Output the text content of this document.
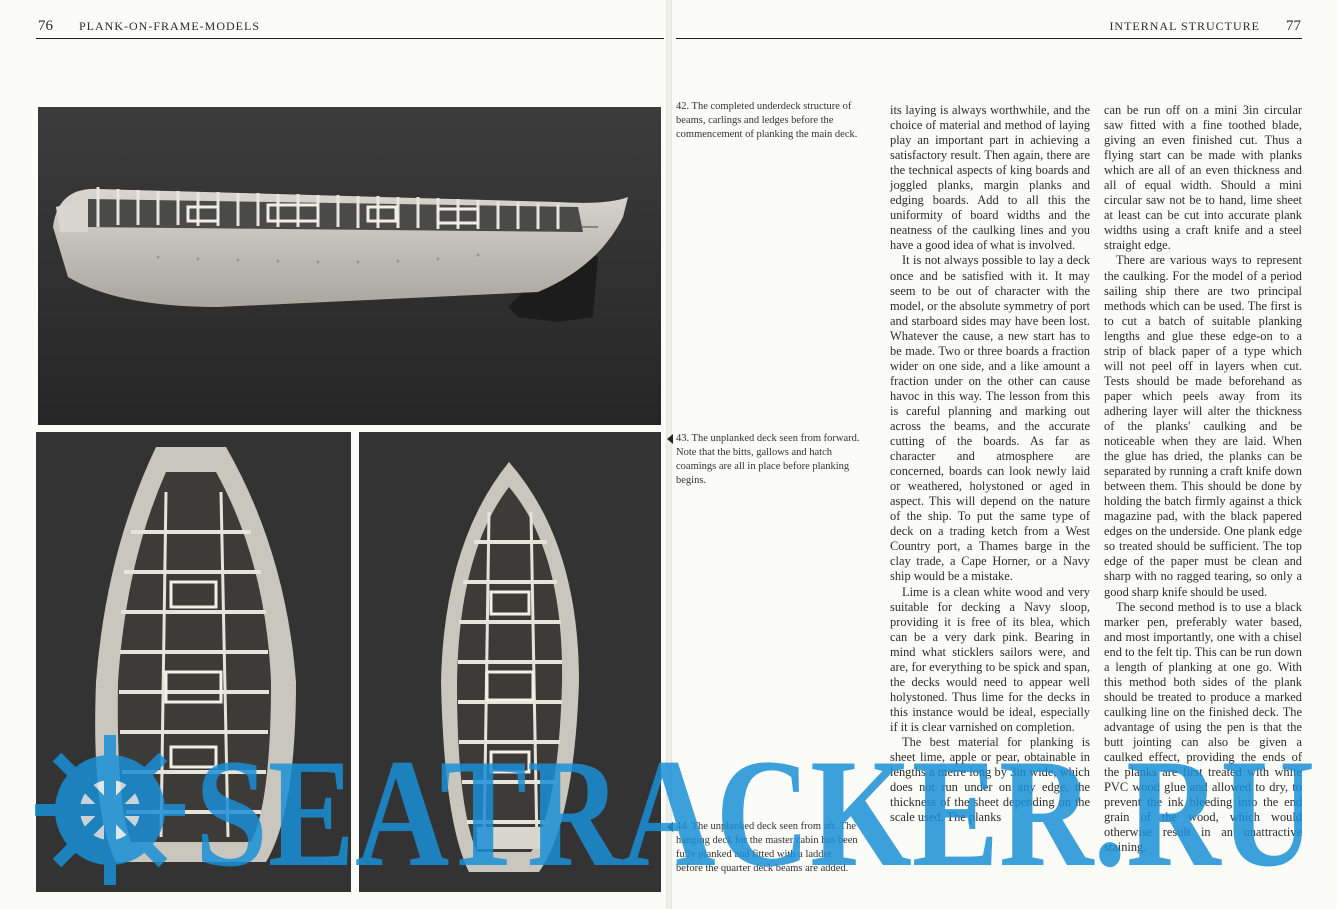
76 PLANK-ON-FRAME-MODELS	INTERNAL STRUCTURE 77
42. The completed underdeck structure of beams, carlings and ledges before the commencement of planking the main deck.
43. The unplanked deck seen from forward. Note that the bitts, gallows and hatch coamings are all in place before planking begins.
44. The unplanked deck seen from aft. The hanging deck for the master cabin has been fully planked and fitted with a ladder before the quarter deck beams are added.

its laying is always worthwhile, and the choice of material and method of laying play an important part in achieving a satisfactory result. Then again, there are the technical aspects of king boards and joggled planks, margin planks and edging boards. Add to all this the uniformity of board widths and the neatness of the caulking lines and you have a good idea of what is involved.

It is not always possible to lay a deck once and be satisfied with it. It may seem to be out of character with the model, or the absolute symmetry of port and starboard sides may have been lost. Whatever the cause, a new start has to be made. Two or three boards a fraction wider on one side, and a like amount a fraction under on the other can cause havoc in this way. The lesson from this is careful planning and marking out across the beams, and the accurate cutting of the boards. As far as character and atmosphere are concerned, boards can look newly laid or weathered, holystoned or aged in aspect. This will depend on the nature of the ship. To put the same type of deck on a trading ketch from a West Country port, a Thames barge in the clay trade, a Cape Horner, or a Navy ship would be a mistake.

Lime is a clean white wood and very suitable for decking a Navy sloop, providing it is free of its blea, which can be a very dark pink. Bearing in mind what sticklers sailors were, and are, for everything to be spick and span, the decks would need to appear well holystoned. Thus lime for the decks in this instance would be ideal, especially if it is clear varnished on completion.

The best material for planking is sheet lime, apple or pear, obtainable in lengths a metre long by 3in wide, which does not run under on any edge, the thickness of the sheet depending on the scale used. The planks

can be run off on a mini 3in circular saw fitted with a fine toothed blade, giving an even finished cut. Thus a flying start can be made with planks which are all of an even thickness and all of equal width. Should a mini circular saw not be to hand, lime sheet at least can be cut into accurate plank widths using a craft knife and a steel straight edge.

There are various ways to represent the caulking. For the model of a period sailing ship there are two principal methods which can be used. The first is to cut a batch of suitable planking lengths and glue these edge-on to a strip of black paper of a type which will not peel off in layers when cut. Tests should be made beforehand as paper which peels away from its adhering layer will alter the thickness of the planks' caulking and be noticeable when they are laid. When the glue has dried, the planks can be separated by running a craft knife down between them. This should be done by holding the batch firmly against a thick magazine pad, with the black papered edges on the underside. One plank edge so treated should be sufficient. The top edge of the paper must be clean and sharp with no ragged tearing, so only a good sharp knife should be used.

The second method is to use a black marker pen, preferably water based, and most importantly, one with a chisel end to the felt tip. This can be run down a length of planking at one go. With this method both sides of the plank should be treated to produce a marked caulking line on the finished deck. The advantage of using the pen is that the butt jointing can also be given a caulked effect, providing the ends of the planks are first treated with white PVC wood glue and allowed to dry, to prevent the ink bleeding into the end grain of the wood, which would otherwise result in an unattractive staining.

SEATRACKER.RU
